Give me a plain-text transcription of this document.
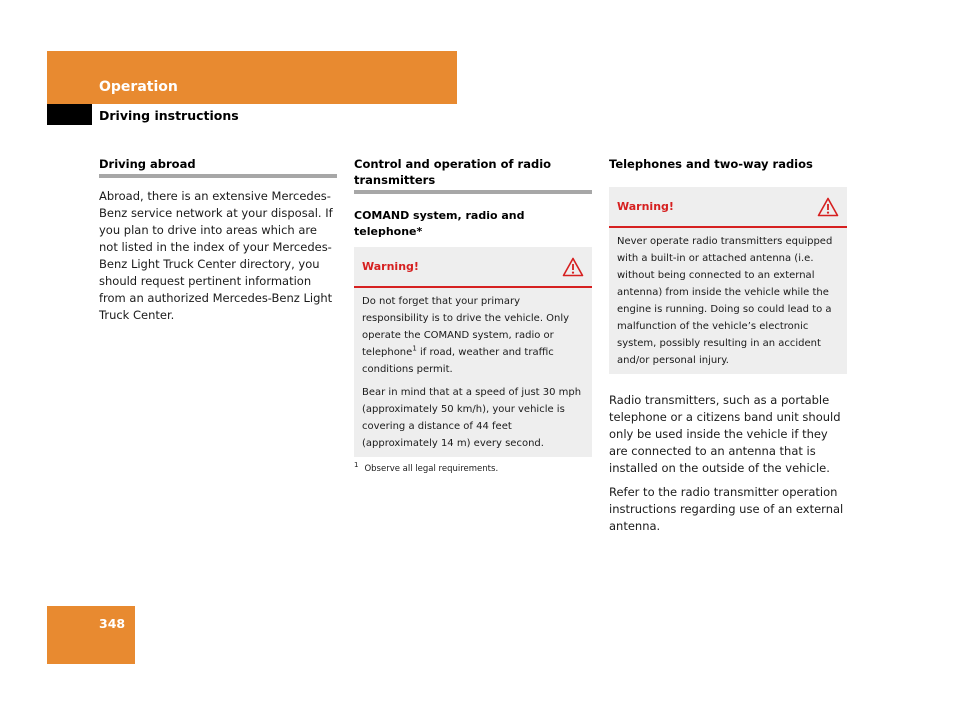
Operation
Driving instructions

Driving abroad

Abroad, there is an extensive Mercedes-Benz service network at your disposal. If you plan to drive into areas which are not listed in the index of your Mercedes-Benz Light Truck Center directory, you should request pertinent information from an authorized Mercedes-Benz Light Truck Center.

Control and operation of radio transmitters

COMAND system, radio and telephone*

Warning!

Do not forget that your primary responsibility is to drive the vehicle. Only operate the COMAND system, radio or telephone$^1$ if road, weather and traffic conditions permit.

Bear in mind that at a speed of just 30 mph (approximately 50 km/h), your vehicle is covering a distance of 44 feet (approximately 14 m) every second.

$^1$ Observe all legal requirements.

Telephones and two-way radios

Warning!

Never operate radio transmitters equipped with a built-in or attached antenna (i.e. without being connected to an external antenna) from inside the vehicle while the engine is running. Doing so could lead to a malfunction of the vehicle’s electronic system, possibly resulting in an accident and/or personal injury.

Radio transmitters, such as a portable telephone or a citizens band unit should only be used inside the vehicle if they are connected to an antenna that is installed on the outside of the vehicle.

Refer to the radio transmitter operation instructions regarding use of an external antenna.

348
